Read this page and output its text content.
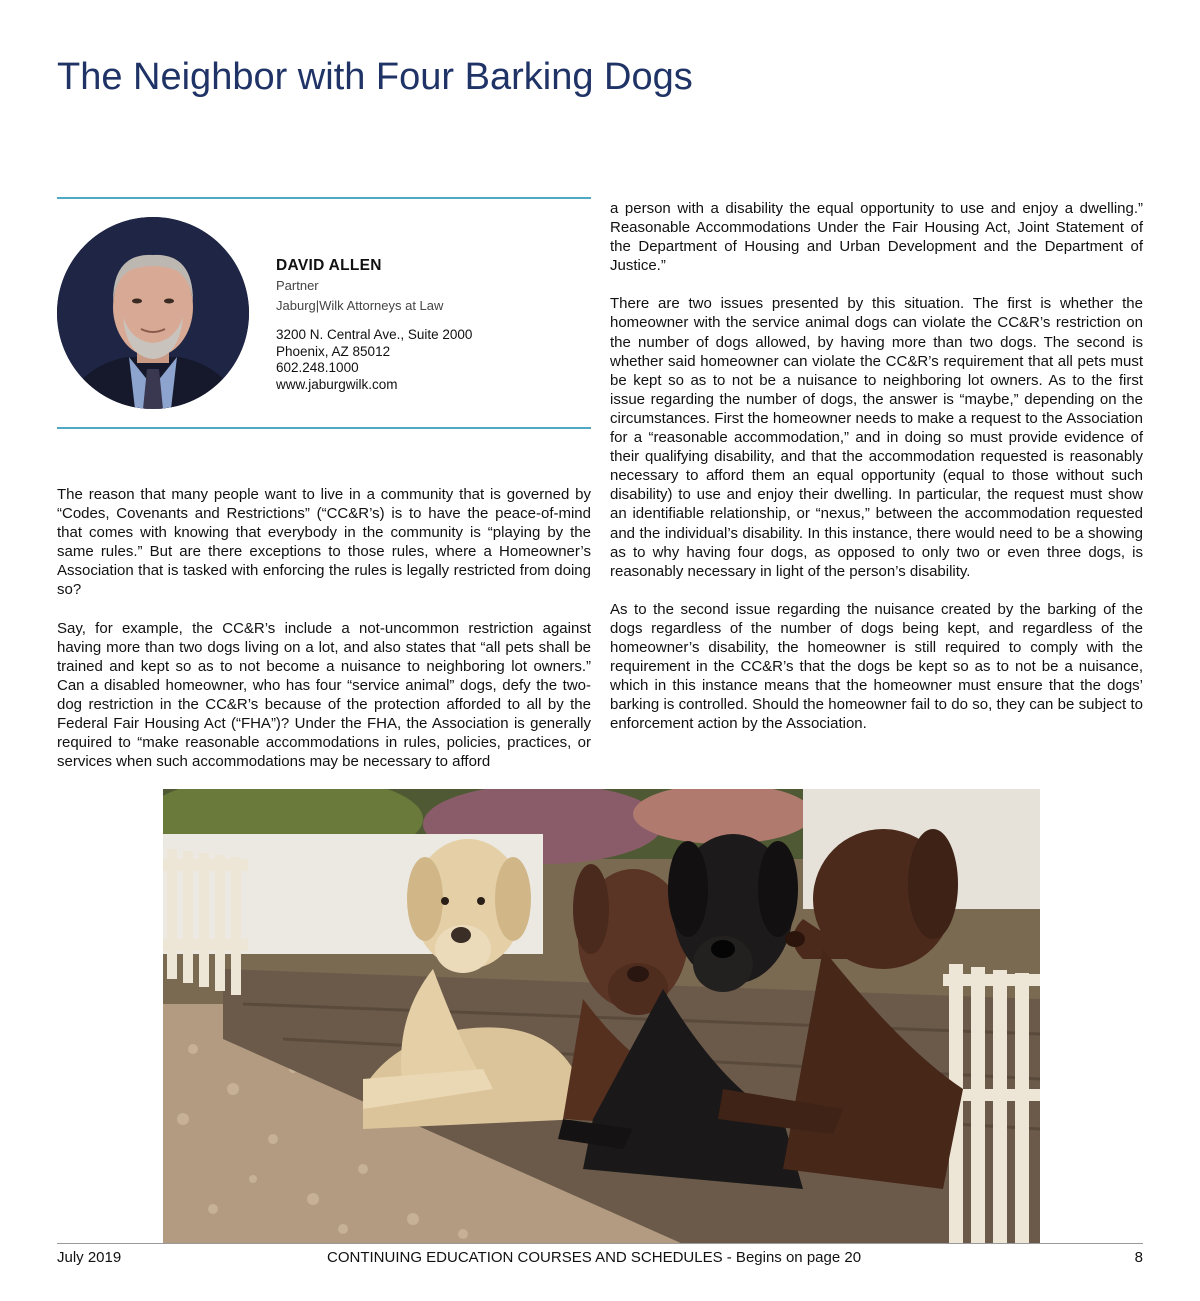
The Neighbor with Four Barking Dogs

DAVID ALLEN

Partner

Jaburg|Wilk Attorneys at Law

3200 N. Central Ave., Suite 2000
Phoenix, AZ 85012
602.248.1000
www.jaburgwilk.com

The reason that many people want to live in a community that is governed by “Codes, Covenants and Restrictions” (“CC&R’s) is to have the peace-of-mind that comes with knowing that everybody in the community is “playing by the same rules.” But are there exceptions to those rules, where a Homeowner’s Association that is tasked with enforcing the rules is legally restricted from doing so?

Say, for example, the CC&R’s include a not-uncommon restriction against having more than two dogs living on a lot, and also states that “all pets shall be trained and kept so as to not become a nuisance to neighboring lot owners.” Can a disabled homeowner, who has four “service animal” dogs, defy the two-dog restriction in the CC&R’s because of the protection afforded to all by the Federal Fair Housing Act (“FHA”)? Under the FHA, the Association is generally required to “make reasonable accommodations in rules, policies, practices, or services when such accommodations may be necessary to afford

a person with a disability the equal opportunity to use and enjoy a dwelling.” Reasonable Accommodations Under the Fair Housing Act, Joint Statement of the Department of Housing and Urban Development and the Department of Justice.”

There are two issues presented by this situation. The first is whether the homeowner with the service animal dogs can violate the CC&R’s restriction on the number of dogs allowed, by having more than two dogs. The second is whether said homeowner can violate the CC&R’s requirement that all pets must be kept so as to not be a nuisance to neighboring lot owners. As to the first issue regarding the number of dogs, the answer is “maybe,” depending on the circumstances. First the homeowner needs to make a request to the Association for a “reasonable accommodation,” and in doing so must provide evidence of their qualifying disability, and that the accommodation requested is reasonably necessary to afford them an equal opportunity (equal to those without such disability) to use and enjoy their dwelling. In particular, the request must show an identifiable relationship, or “nexus,” between the accommodation requested and the individual’s disability. In this instance, there would need to be a showing as to why having four dogs, as opposed to only two or even three dogs, is reasonably necessary in light of the person’s disability.

As to the second issue regarding the nuisance created by the barking of the dogs regardless of the number of dogs being kept, and regardless of the homeowner’s disability, the homeowner is still required to comply with the requirement in the CC&R’s that the dogs be kept so as to not be a nuisance, which in this instance means that the homeowner must ensure that the dogs’ barking is controlled. Should the homeowner fail to do so, they can be subject to enforcement action by the Association.

July 2019	CONTINUING EDUCATION COURSES AND SCHEDULES - Begins on page 20	8
